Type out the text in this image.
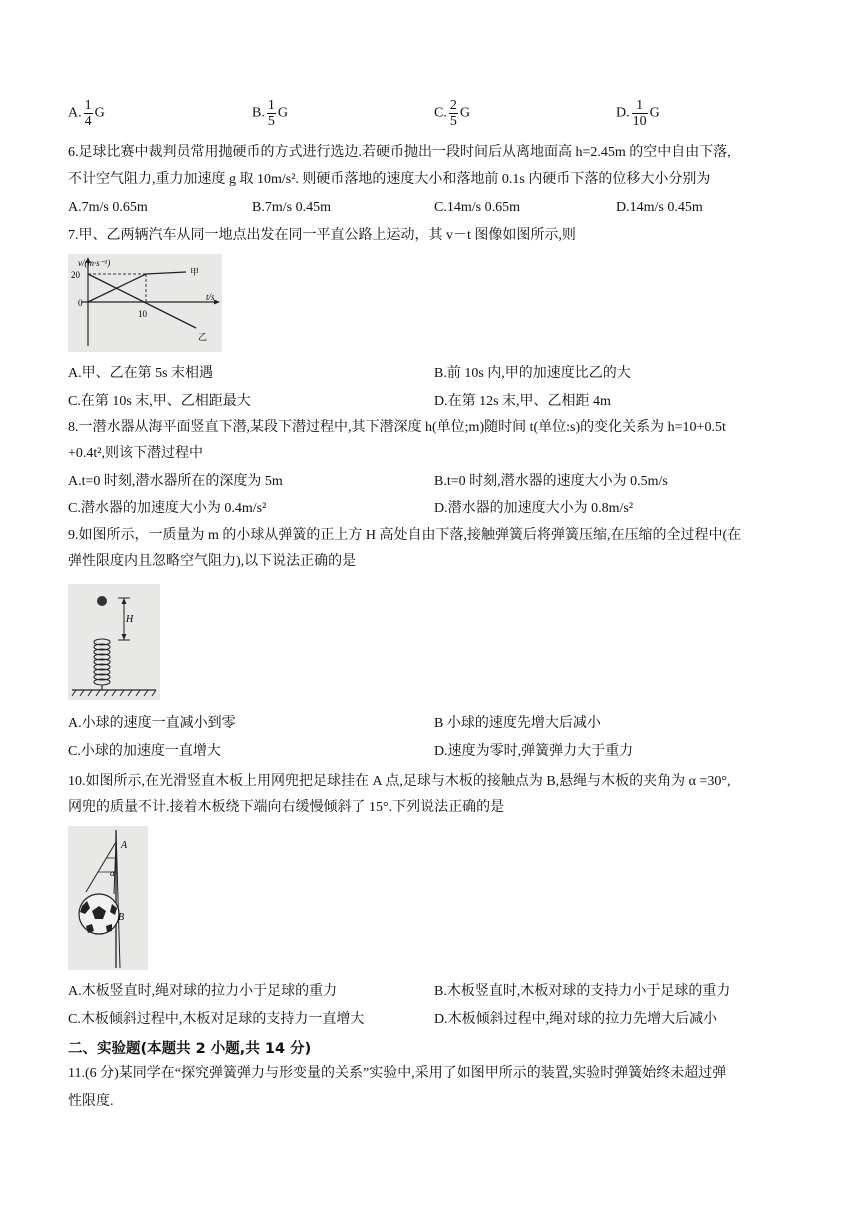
A. $\frac{1}{4}$ G	B. $\frac{1}{5}$ G	C. $\frac{2}{5}$ G	D. $\frac{1}{10}$ G
6.足球比赛中裁判员常用抛硬币的方式进行选边.若硬币抛出一段时间后从离地面高 h=2.45m 的空中自由下落,
不计空气阻力,重力加速度 g 取 10m/s². 则硬币落地的速度大小和落地前 0.1s 内硬币下落的位移大小分别为
A.7m/s 0.65m	B.7m/s 0.45m	C.14m/s 0.65m	D.14m/s 0.45m
7.甲、乙两辆汽车从同一地点出发在同一平直公路上运动，其 v－t 图像如图所示,则
v/(m·s⁻¹)
20
0
10
t/s
甲
乙
A.甲、乙在第 5s 末相遇	B.前 10s 内,甲的加速度比乙的大
C.在第 10s 末,甲、乙相距最大	D.在第 12s 末,甲、乙相距 4m
8.一潜水器从海平面竖直下潜,某段下潜过程中,其下潜深度 h(单位;m)随时间 t(单位:s)的变化关系为 h=10+0.5t
+0.4t²,则该下潜过程中
A.t=0 时刻,潜水器所在的深度为 5m	B.t=0 时刻,潜水器的速度大小为 0.5m/s
C.潜水器的加速度大小为 0.4m/s²	D.潜水器的加速度大小为 0.8m/s²
9.如图所示，一质量为 m 的小球从弹簧的正上方 H 高处自由下落,接触弹簧后将弹簧压缩,在压缩的全过程中(在
弹性限度内且忽略空气阻力),以下说法正确的是
H
A.小球的速度一直减小到零	B 小球的速度先增大后减小
C.小球的加速度一直增大	D.速度为零时,弹簧弹力大于重力
10.如图所示,在光滑竖直木板上用网兜把足球挂在 A 点,足球与木板的接触点为 B,悬绳与木板的夹角为 α =30°,
网兜的质量不计.接着木板绕下端向右缓慢倾斜了 15°.下列说法正确的是
A
α
B
A.木板竖直时,绳对球的拉力小于足球的重力	B.木板竖直时,木板对球的支持力小于足球的重力
C.木板倾斜过程中,木板对足球的支持力一直增大	D.木板倾斜过程中,绳对球的拉力先增大后减小
二、实验题(本题共 2 小题,共 14 分)
11.(6 分)某同学在“探究弹簧弹力与形变量的关系”实验中,采用了如图甲所示的装置,实验时弹簧始终未超过弹
性限度.
